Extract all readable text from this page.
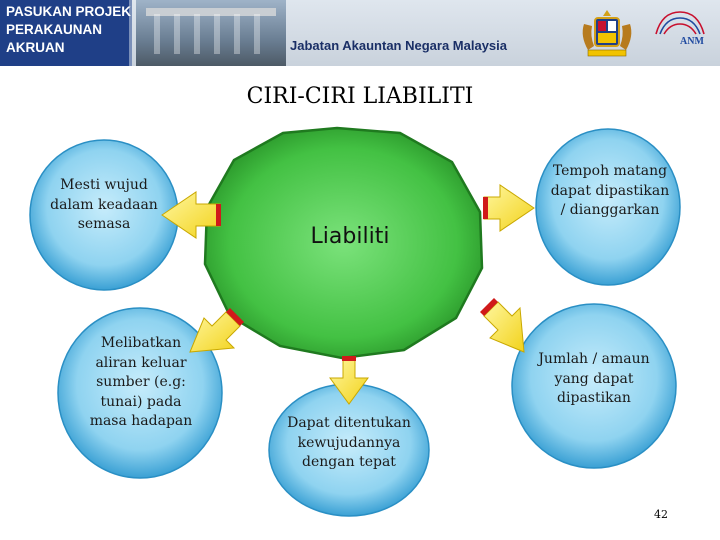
PASUKAN PROJEK
PERAKAUNAN
AKRUAN	Jabatan Akauntan Negara Malaysia	ANM
CIRI-CIRI LIABILITI
Mesti wujud dalam keadaan semasa
Melibatkan aliran keluar sumber (e.g: tunai) pada masa hadapan	Dapat ditentukan kewujudannya dengan tepat
Tempoh matang dapat dipastikan / dianggarkan
Jumlah / amaun yang dapat dipastikan
Liabiliti
42
